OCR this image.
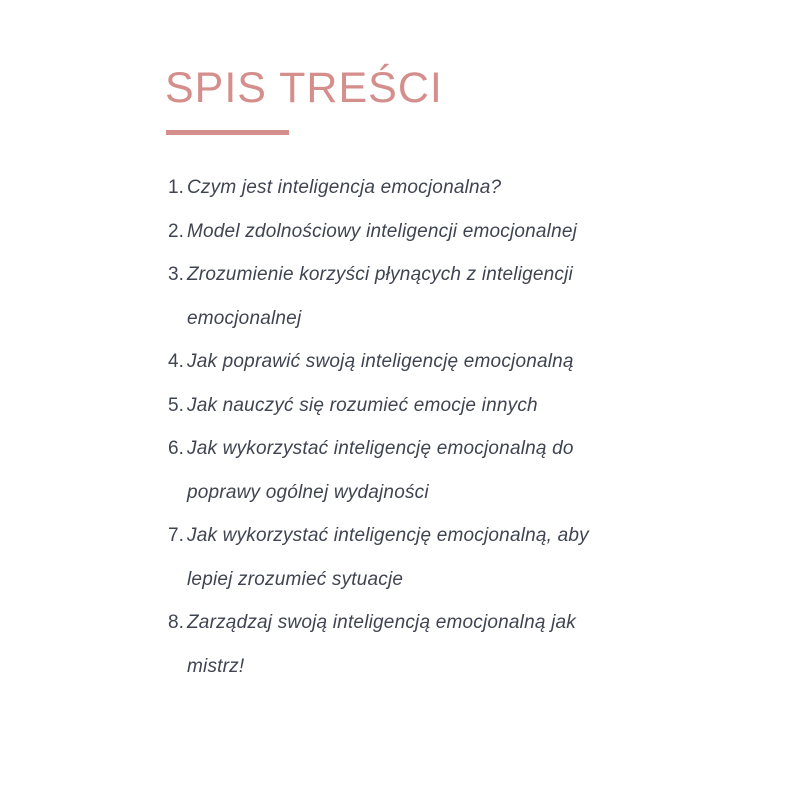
SPIS TREŚCI
1. Czym jest inteligencja emocjonalna?
2. Model zdolnościowy inteligencji emocjonalnej
3. Zrozumienie korzyści płynących z inteligencji emocjonalnej
4. Jak poprawić swoją inteligencję emocjonalną
5. Jak nauczyć się rozumieć emocje innych
6. Jak wykorzystać inteligencję emocjonalną do poprawy ogólnej wydajności
7. Jak wykorzystać inteligencję emocjonalną, aby lepiej zrozumieć sytuacje
8. Zarządzaj swoją inteligencją emocjonalną jak mistrz!
